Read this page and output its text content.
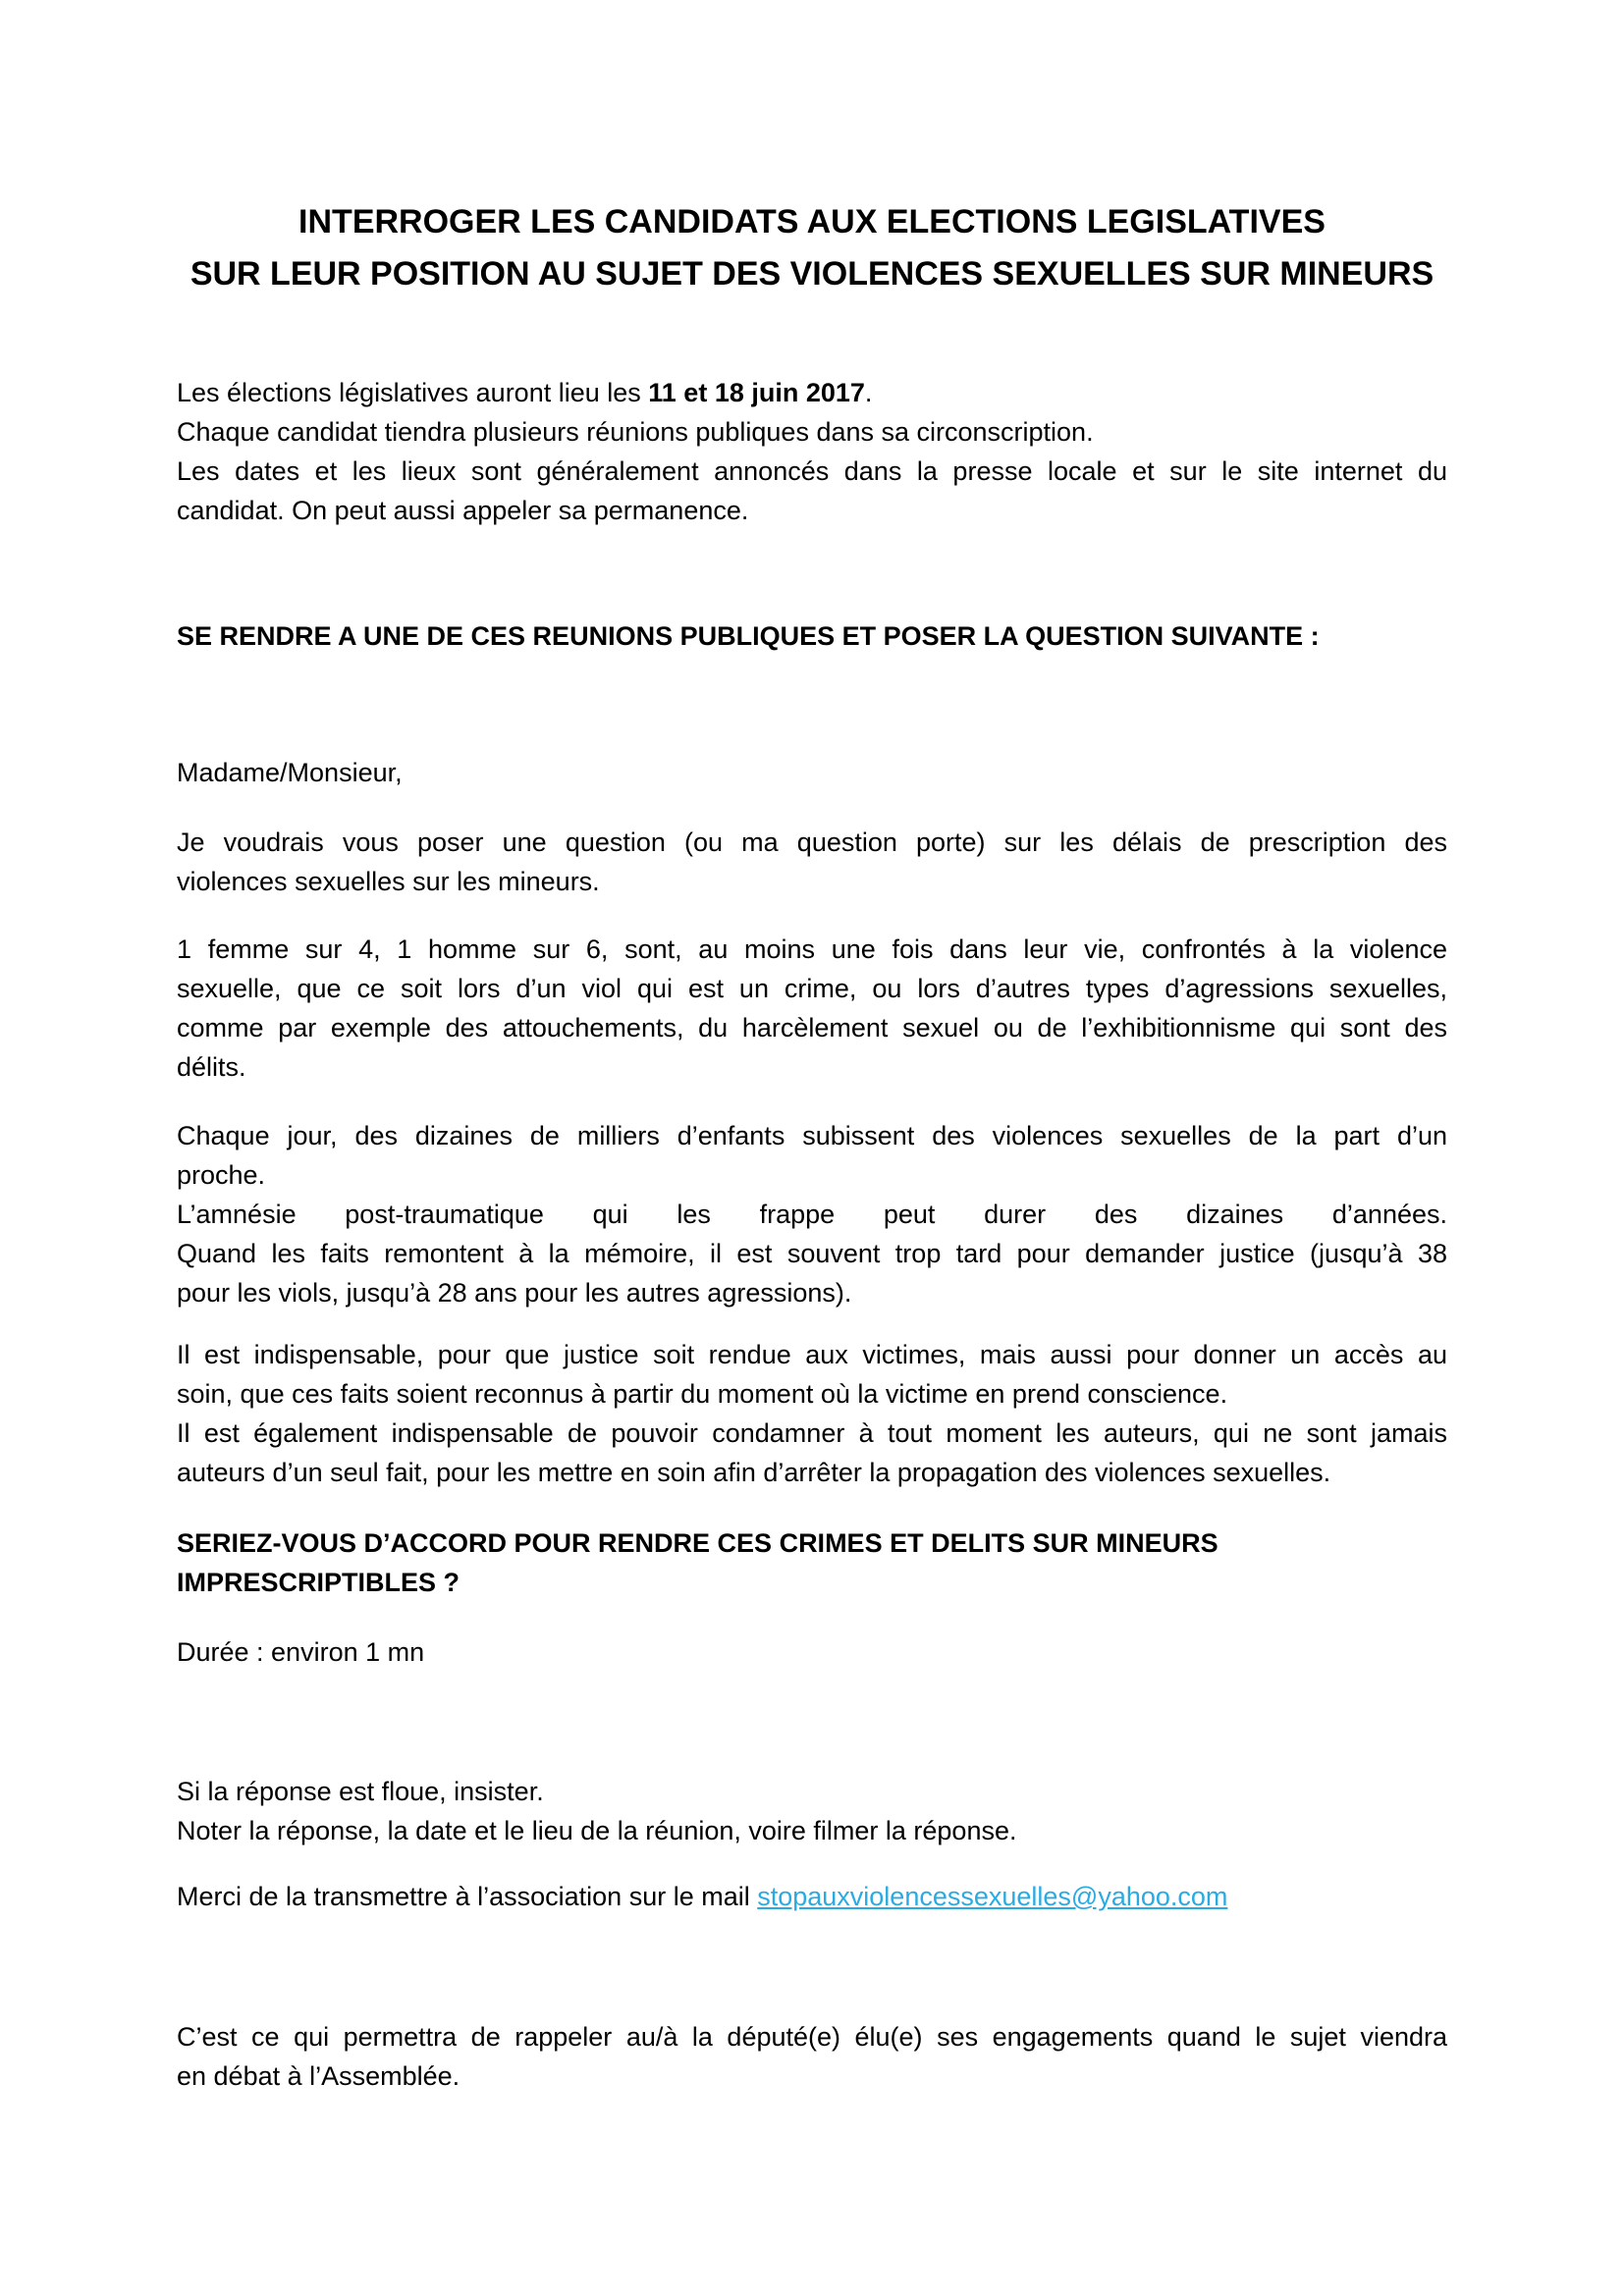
INTERROGER LES CANDIDATS AUX ELECTIONS LEGISLATIVES
SUR LEUR POSITION AU SUJET DES VIOLENCES SEXUELLES SUR MINEURS
Les élections législatives auront lieu les 11 et 18 juin 2017.
Chaque candidat tiendra plusieurs réunions publiques dans sa circonscription.
Les dates et les lieux sont généralement annoncés dans la presse locale et sur le site internet du
candidat. On peut aussi appeler sa permanence.
SE RENDRE A UNE DE CES REUNIONS PUBLIQUES ET POSER LA QUESTION SUIVANTE :
Madame/Monsieur,
Je voudrais vous poser une question (ou ma question porte) sur les délais de prescription des
violences sexuelles sur les mineurs.
1 femme sur 4, 1 homme sur 6, sont, au moins une fois dans leur vie, confrontés à la violence
sexuelle, que ce soit lors d’un viol qui est un crime, ou lors d’autres types d’agressions sexuelles,
comme par exemple des attouchements, du harcèlement sexuel ou de l’exhibitionnisme qui sont des
délits.
Chaque jour, des dizaines de milliers d’enfants subissent des violences sexuelles de la part d’un
proche.
L’amnésie post-traumatique qui les frappe peut durer des dizaines d’années.
Quand les faits remontent à la mémoire, il est souvent trop tard pour demander justice (jusqu’à 38
pour les viols, jusqu’à 28 ans pour les autres agressions).
Il est indispensable, pour que justice soit rendue aux victimes, mais aussi pour donner un accès au
soin, que ces faits soient reconnus à partir du moment où la victime en prend conscience.
Il est également indispensable de pouvoir condamner à tout moment les auteurs, qui ne sont jamais
auteurs d’un seul fait, pour les mettre en soin afin d’arrêter la propagation des violences sexuelles.
SERIEZ-VOUS D’ACCORD POUR RENDRE CES CRIMES ET DELITS SUR MINEURS IMPRESCRIPTIBLES ?
Durée : environ 1 mn
Si la réponse est floue, insister.
Noter la réponse, la date et le lieu de la réunion, voire filmer la réponse.
Merci de la transmettre à l’association sur le mail stopauxviolencessexuelles@yahoo.com
C’est ce qui permettra de rappeler au/à la député(e) élu(e) ses engagements quand le sujet viendra
en débat à l’Assemblée.
